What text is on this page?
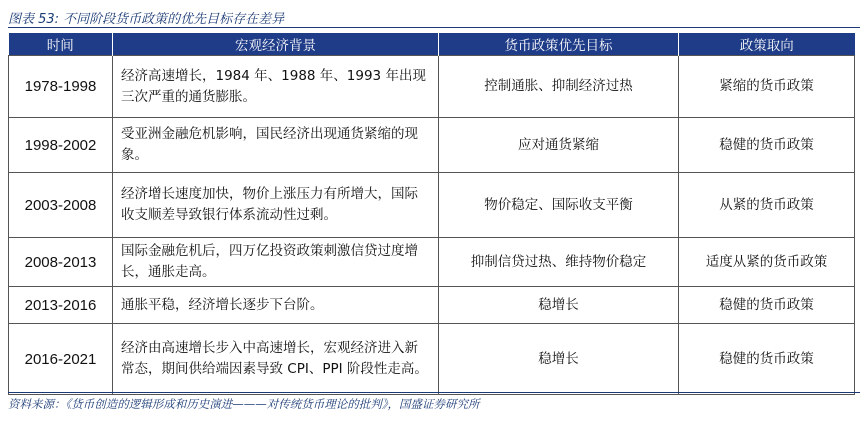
图表 53: 不同阶段货币政策的优先目标存在差异
时间	宏观经济背景	货币政策优先目标	政策取向
1978-1998	经济高速增长，1984 年、1988 年、1993 年出现三次严重的通货膨胀。	控制通胀、抑制经济过热	紧缩的货币政策
1998-2002	受亚洲金融危机影响，国民经济出现通货紧缩的现象。	应对通货紧缩	稳健的货币政策
2003-2008	经济增长速度加快，物价上涨压力有所增大，国际收支顺差导致银行体系流动性过剩。	物价稳定、国际收支平衡	从紧的货币政策
2008-2013	国际金融危机后，四万亿投资政策刺激信贷过度增长，通胀走高。	抑制信贷过热、维持物价稳定	适度从紧的货币政策
2013-2016	通胀平稳，经济增长逐步下台阶。	稳增长	稳健的货币政策
2016-2021	经济由高速增长步入中高速增长，宏观经济进入新常态，期间供给端因素导致 CPI、PPI 阶段性走高。	稳增长	稳健的货币政策
资料来源：《货币创造的逻辑形成和历史演进———对传统货币理论的批判》，国盛证券研究所
